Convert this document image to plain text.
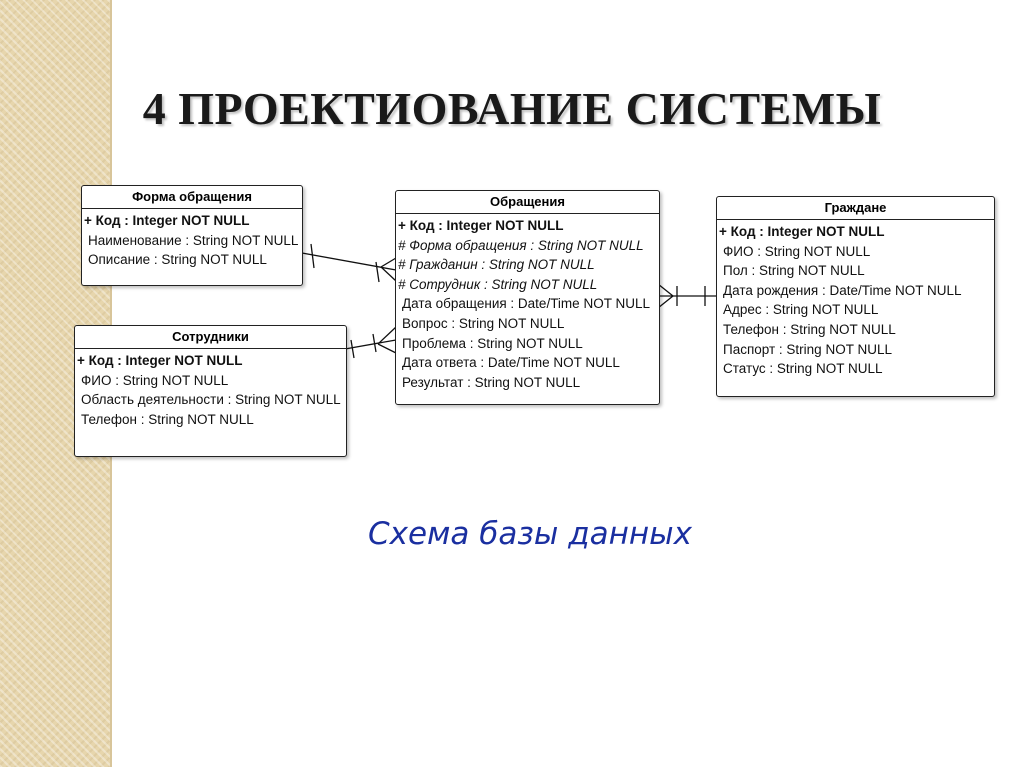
4 ПРОЕКТИОВАНИЕ СИСТЕМЫ
Форма обращения
+ Код : Integer NOT NULL
Наименование : String NOT NULL
Описание : String NOT NULL
Сотрудники
+ Код : Integer NOT NULL
ФИО : String NOT NULL
Область деятельности : String NOT NULL
Телефон : String NOT NULL
Обращения
+ Код : Integer NOT NULL
# Форма обращения : String NOT NULL
# Гражданин : String NOT NULL
# Сотрудник : String NOT NULL
Дата обращения : Date/Time NOT NULL
Вопрос : String NOT NULL
Проблема : String NOT NULL
Дата ответа : Date/Time NOT NULL
Результат : String NOT NULL
Граждане
+ Код : Integer NOT NULL
ФИО : String NOT NULL
Пол : String NOT NULL
Дата рождения : Date/Time NOT NULL
Адрес : String NOT NULL
Телефон : String NOT NULL
Паспорт : String NOT NULL
Статус : String NOT NULL
Схема базы данных
